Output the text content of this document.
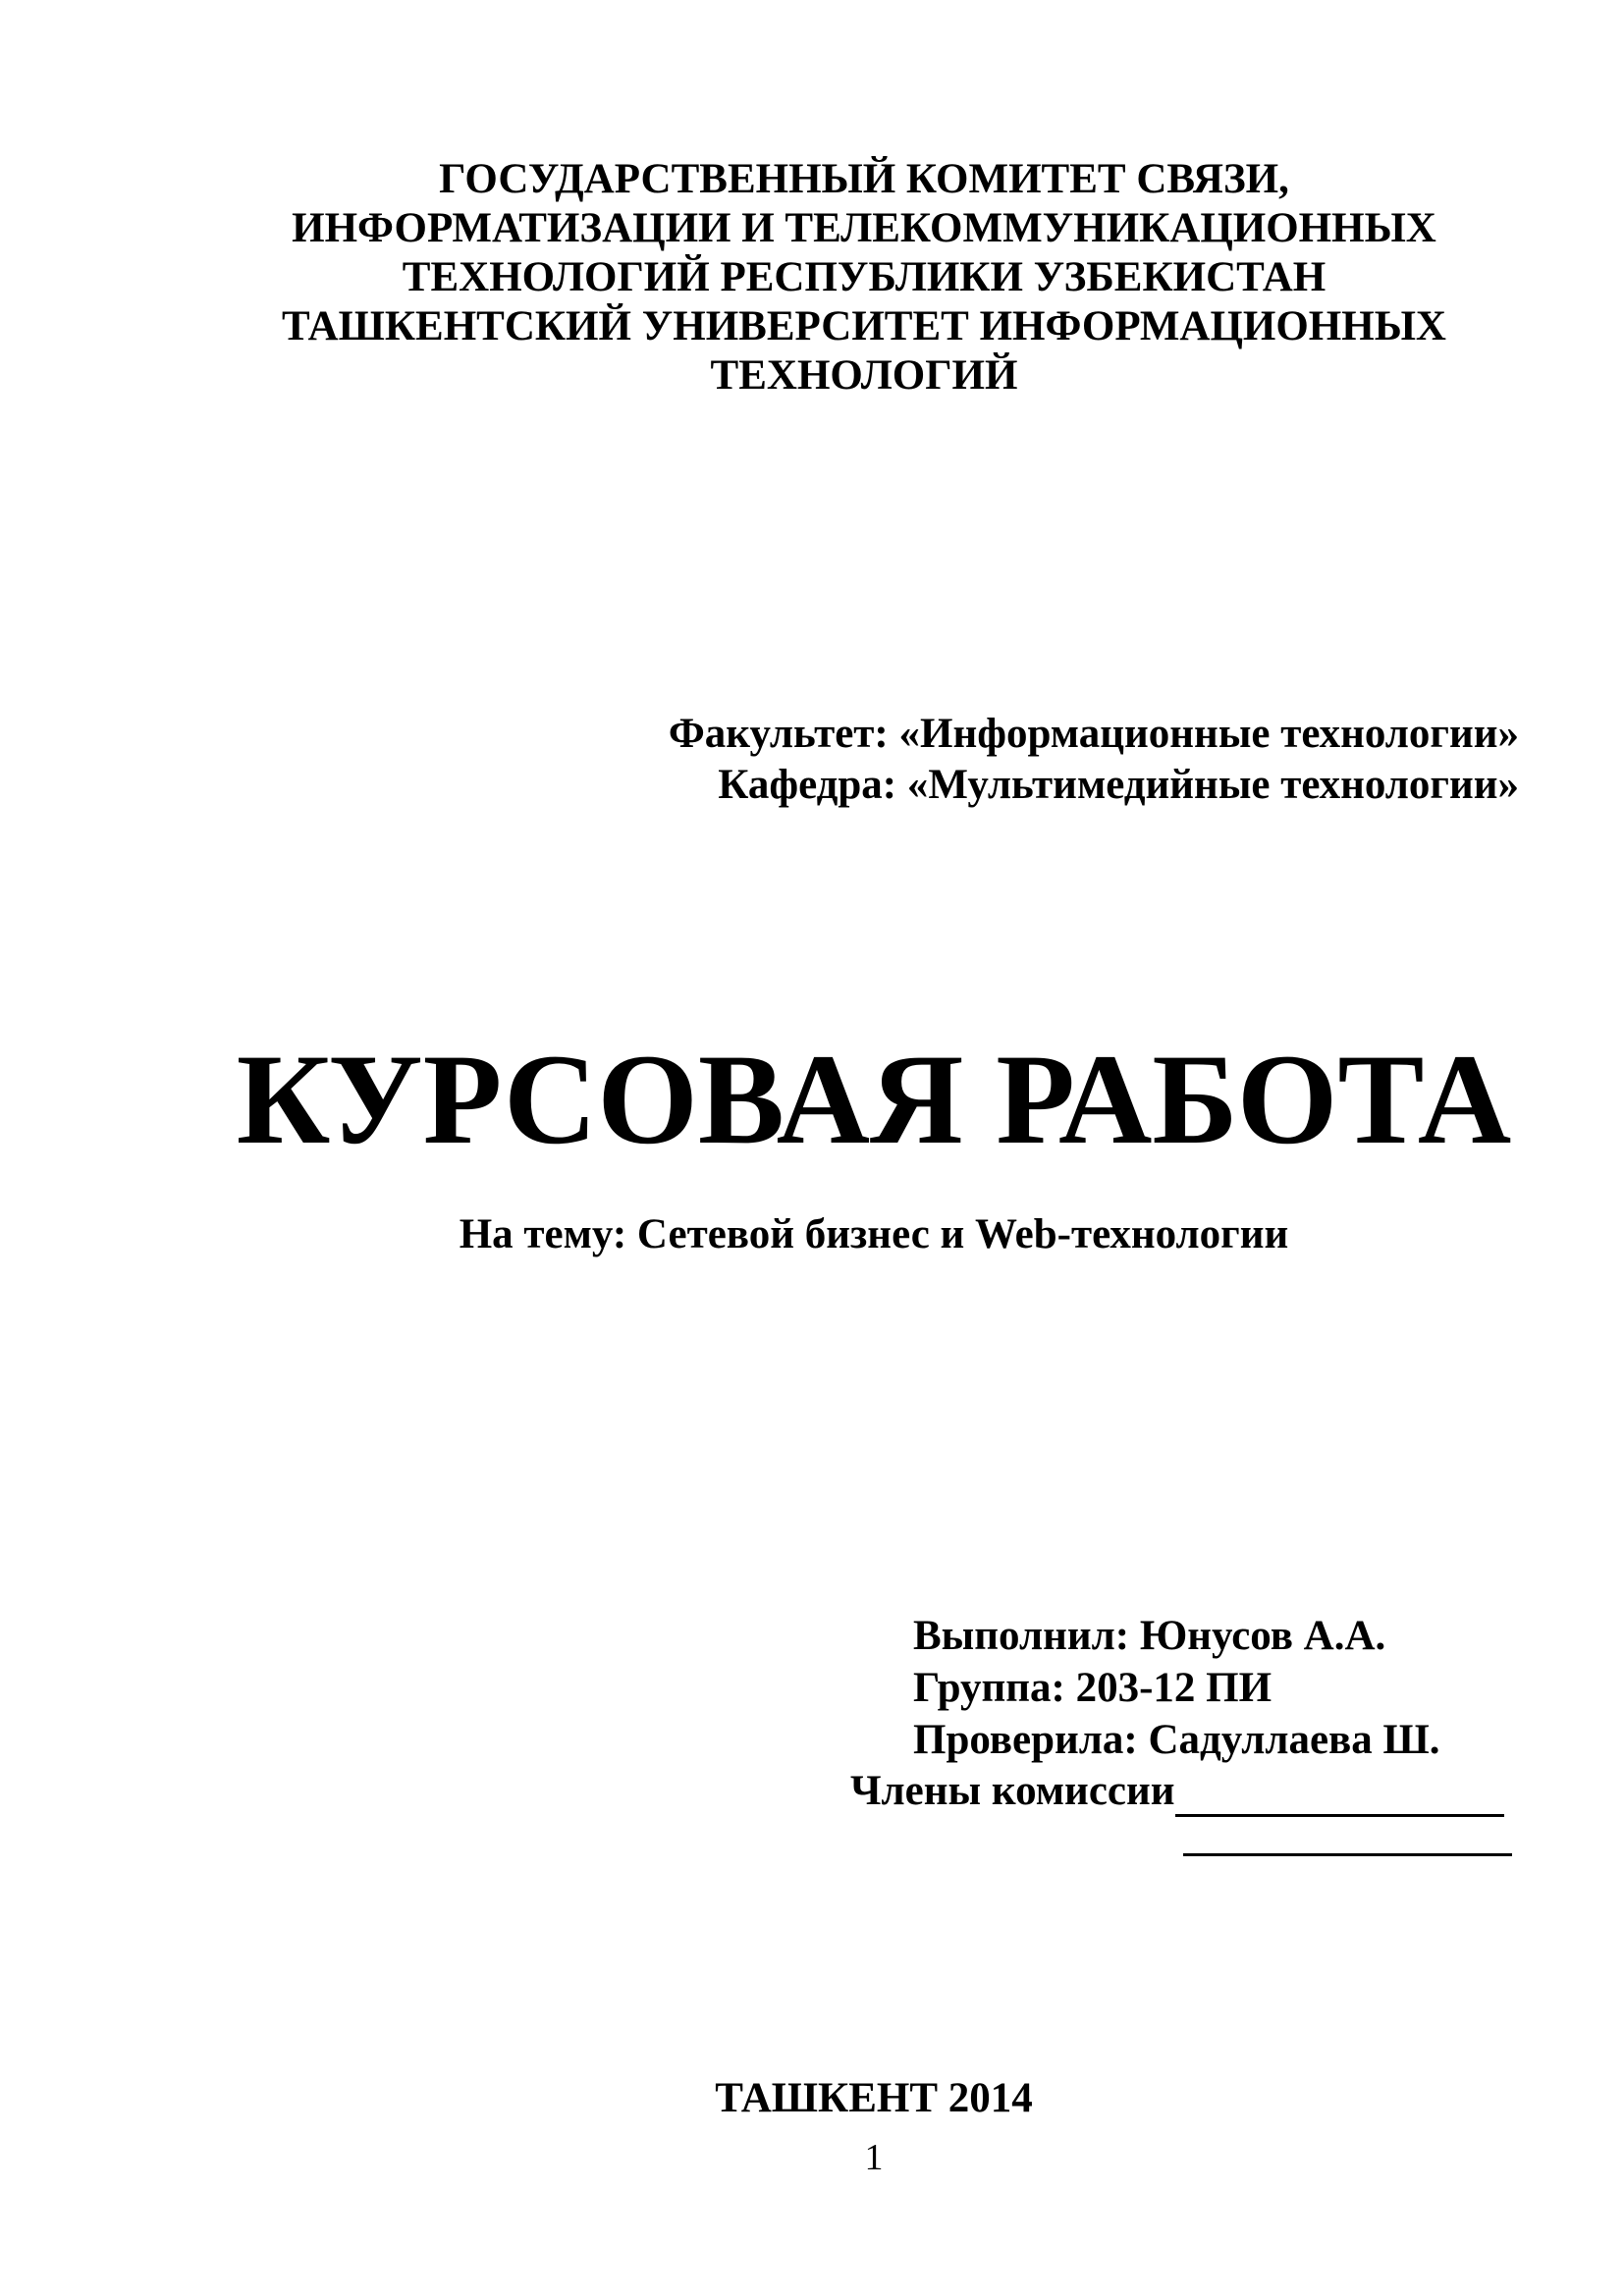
ГОСУДАРСТВЕННЫЙ КОМИТЕТ СВЯЗИ,
ИНФОРМАТИЗАЦИИ И ТЕЛЕКОММУНИКАЦИОННЫХ
ТЕХНОЛОГИЙ РЕСПУБЛИКИ УЗБЕКИСТАН
ТАШКЕНТСКИЙ УНИВЕРСИТЕТ ИНФОРМАЦИОННЫХ
ТЕХНОЛОГИЙ
Факультет: «Информационные технологии»
Кафедра: «Мультимедийные технологии»
КУРСОВАЯ РАБОТА
На тему: Сетевой бизнес и Web-технологии
Выполнил: Юнусов А.А.
Группа: 203-12 ПИ
Проверила: Садуллаева Ш.
Члены комиссии
ТАШКЕНТ 2014
1
